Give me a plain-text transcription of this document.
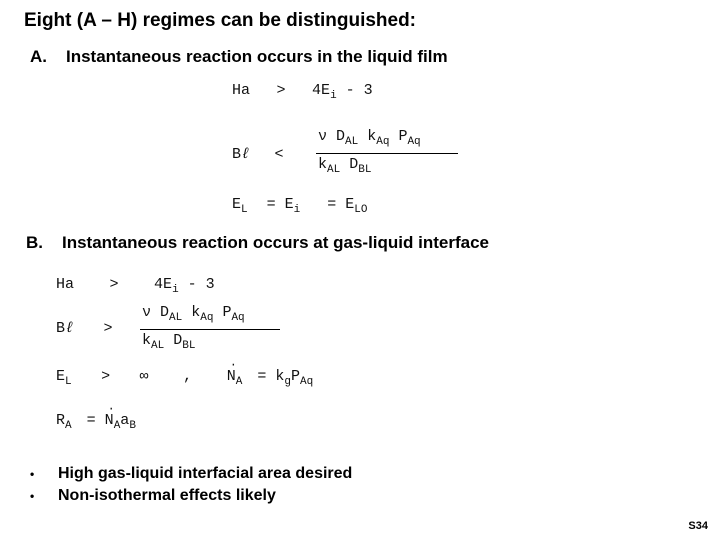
Eight (A – H) regimes can be distinguished:
A. Instantaneous reaction occurs in the liquid film
$Ha > 4E_i - 3$
Bℓ <
ν $D_{AL}$ $k_{Aq}$ $P_{Aq}$
$k_{AL}$ $D_{BL}$
$E_L = E_i = E_{LO}$
B. Instantaneous reaction occurs at gas-liquid interface
$Ha > 4E_i - 3$
Bℓ >
ν $D_{AL}$ $k_{Aq}$ $P_{Aq}$
$k_{AL}$ $D_{BL}$
$E_L$ > ∞ , N
·
$_A = k_gP_{Aq}$
$R_A = N$
·
$_Aa_B$
• High gas-liquid interfacial area desired
• Non-isothermal effects likely
S34
